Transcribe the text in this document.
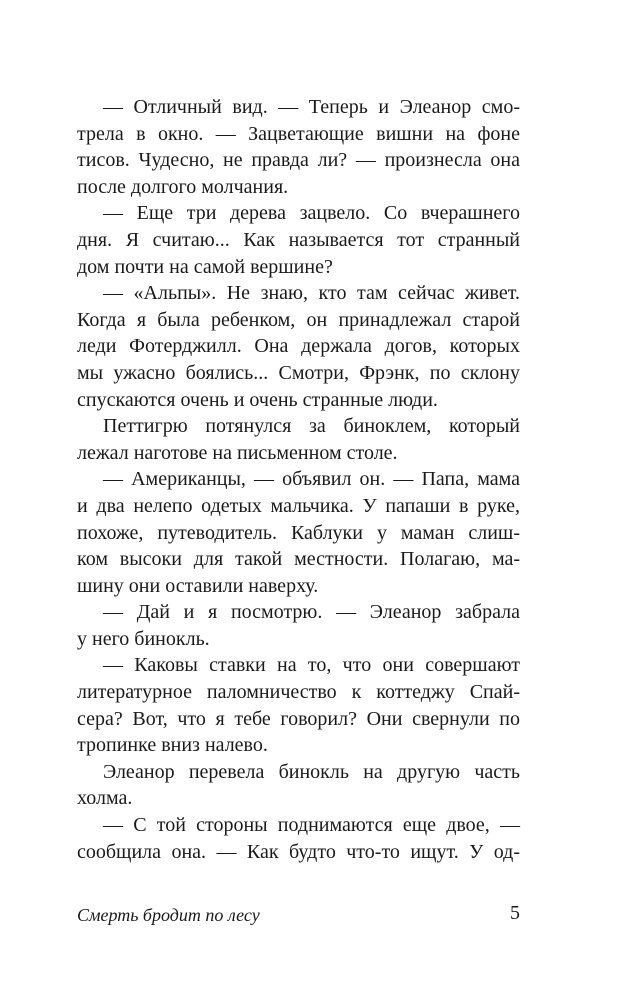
— Отличный вид. — Теперь и Элеанор смо-
трела в окно. — Зацветающие вишни на фоне
тисов. Чудесно, не правда ли? — произнесла она
после долгого молчания.
— Еще три дерева зацвело. Со вчерашнего
дня. Я считаю... Как называется тот странный
дом почти на самой вершине?
— «Альпы». Не знаю, кто там сейчас живет.
Когда я была ребенком, он принадлежал старой
леди Фотерджилл. Она держала догов, которых
мы ужасно боялись... Смотри, Фрэнк, по склону
спускаются очень и очень странные люди.
Петтигрю потянулся за биноклем, который
лежал наготове на письменном столе.
— Американцы, — объявил он. — Папа, мама
и два нелепо одетых мальчика. У папаши в руке,
похоже, путеводитель. Каблуки у маман слиш-
ком высоки для такой местности. Полагаю, ма-
шину они оставили наверху.
— Дай и я посмотрю. — Элеанор забрала
у него бинокль.
— Каковы ставки на то, что они совершают
литературное паломничество к коттеджу Спай-
сера? Вот, что я тебе говорил? Они свернули по
тропинке вниз налево.
Элеанор перевела бинокль на другую часть
холма.
— С той стороны поднимаются еще двое, —
сообщила она. — Как будто что-то ищут. У од-
Смерть бродит по лесу	5
